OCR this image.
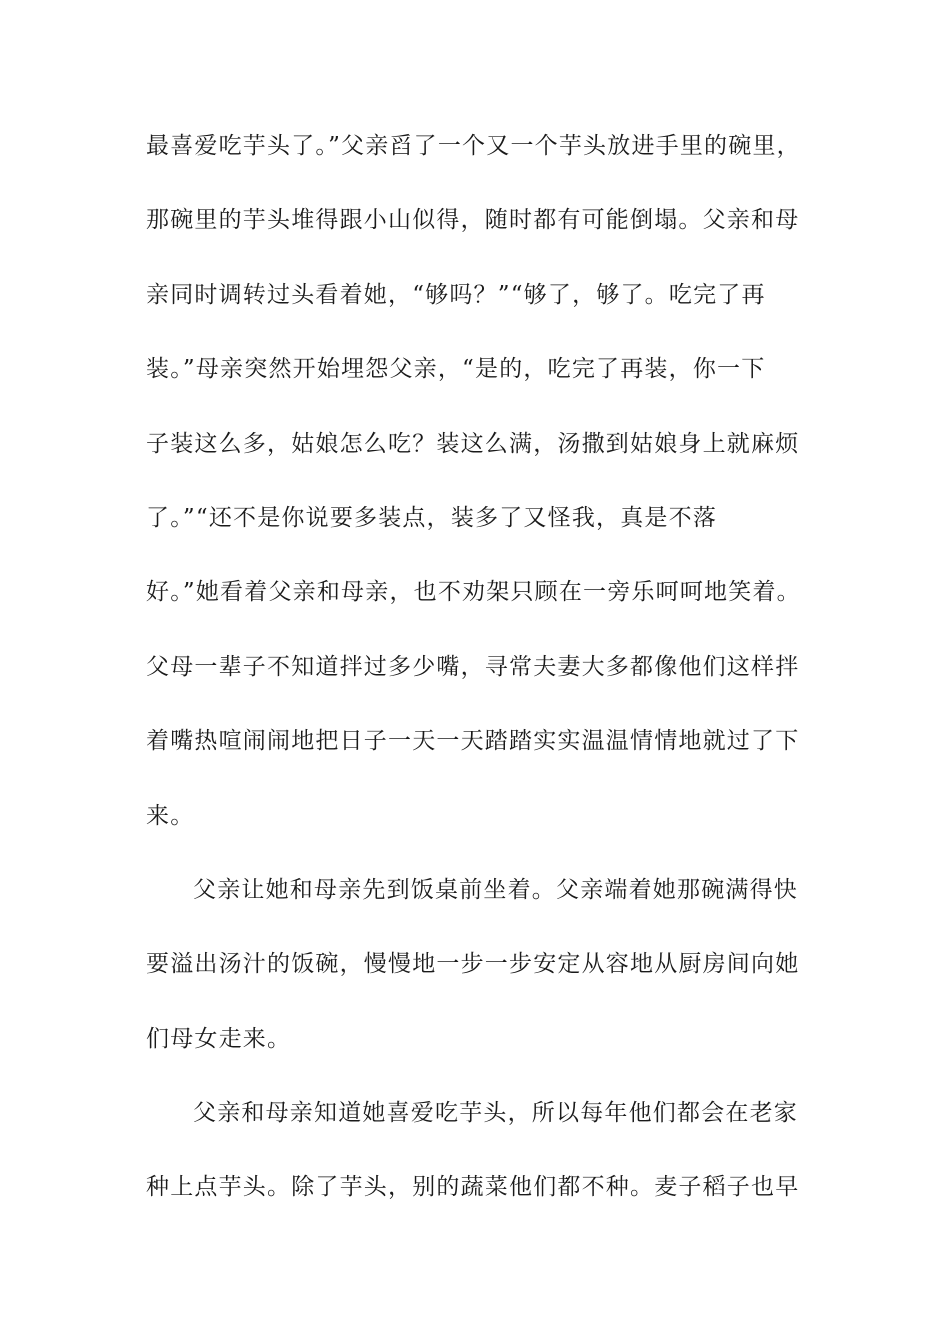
最喜爱吃芋头了。”父亲舀了一个又一个芋头放进手里的碗里，
那碗里的芋头堆得跟小山似得，随时都有可能倒塌。父亲和母
亲同时调转过头看着她，“够吗？”“够了，够了。吃完了再
装。”母亲突然开始埋怨父亲，“是的，吃完了再装，你一下
子装这么多，姑娘怎么吃？装这么满，汤撒到姑娘身上就麻烦
了。”“还不是你说要多装点，装多了又怪我，真是不落
好。”她看着父亲和母亲，也不劝架只顾在一旁乐呵呵地笑着。
父母一辈子不知道拌过多少嘴，寻常夫妻大多都像他们这样拌
着嘴热喧闹闹地把日子一天一天踏踏实实温温情情地就过了下
来。
父亲让她和母亲先到饭桌前坐着。父亲端着她那碗满得快
要溢出汤汁的饭碗，慢慢地一步一步安定从容地从厨房间向她
们母女走来。
父亲和母亲知道她喜爱吃芋头，所以每年他们都会在老家
种上点芋头。除了芋头，别的蔬菜他们都不种。麦子稻子也早
